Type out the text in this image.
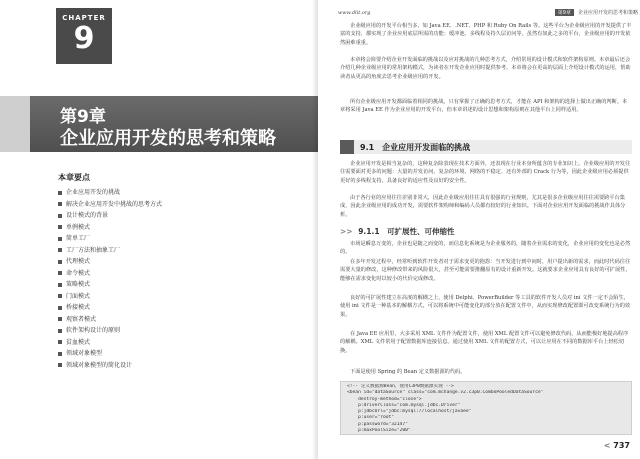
CHAPTER
9
第9章
企业应用开发的思考和策略
本章要点
企业应用开发的挑战
解决企业应用开发中挑战的思考方式
设计模式的背景
单例模式
简单工厂
工厂方法和抽象工厂
代理模式
命令模式
策略模式
门面模式
桥接模式
观察者模式
软件架构设计的原则
贫血模式
领域对象模型
领域对象模型的简化设计
www.dlit.org	第9章 企业应用开发的思考和策略

企业级应用的开发平台相当多，如 Java EE、.NET、PHP 和 Ruby On Rails 等。这些平台为企业级应用的开发提供了丰富的支持，都实现了企业应用底层所需的功能：缓冲池、多线程及持久层访问等，虽然有如此之多的平台，企业级应用的开发依然困难重重。

本章将会简要介绍企业开发面临的挑战以及应对挑战的几种思考方式，介绍常用的设计模式和软件架构原则。本章最后还会介绍几种企业级应用的常用架构模式，为读者在开发企业应用时提供参考。本章将会在更高的层面上介绍设计模式的运用，帮助读者从更高的角度去思考企业级应用的开发。

所有企业级应用开发都面临着相同的挑战，只有掌握了正确的思考方式，才能在 API 和架构的选择上做出正确的判断。本章将采用 Java EE 作为企业应用的开发平台，但本章讲述的设计思想和架构原则在其他平台上同样适用。

9.1　 企业应用开发面临的挑战

企业应用开发是相当复杂的，这种复杂除表现在技术方面外，还表现在行业本身所蕴含的专业知识上。企业级应用的开发往往需要面对更多的问题：大量的并发访问、复杂的环境、网络的不稳定、还有外部的 Crack 行为等，因此企业级应用必须提供更好的多线程支持，具备良好的适应性及良好的安全性。

由于各行业的应用往往差别非常大，因此企业级应用往往具有很强的行业规则，尤其是很多企业级应用往往需要跨平台集成，因此企业级应用的成功开发，需要软件架构师和编码人员都有较好的行业知识。下面对企业应用开发面临的挑战作具体分析。

>> 9.1.1　 可扩展性、可伸缩性

市场是瞬息万变的，企业也是随之而变的，而信息化系统是为企业服务的，随着企业需求的变化，企业应用的变化也是必然的。

在多年开发过程中，经常听到软件开发者对于需求变更的抱怨：当开发进行到中间时，用户提出新的需求，而此时代码往往需要大量的修改，这种修改带来的风险很大，甚至可能需要推翻原有的设计重新开发。这就要求企业应用具有良好的可扩展性，能够在需求变化时以较小的代价完成修改。

良好的可扩展性建立在高度的解耦之上，使用 Delphi、PowerBuilder 等工具的软件开发人员对 ini 文件一定不会陌生，使用 ini 文件是一种基本的解耦方式，可以将系统中可能变化的部分放在配置文件中，从而实现修改配置即可改变系统行为的效果。

在 Java EE 应用里，大多采用 XML 文件作为配置文件，使用 XML 配置文件可以避免修改代码，从而能极好地提高程序的解耦。XML 文件常用于配置数据库连接信息。通过使用 XML 文件的配置方式，可以让应用在不同的数据库平台上轻松切换。

下面是使用 Spring 的 Bean 定义数据源的代码。

<!-- 定义数据源Bean，使用C3P0数据源实现 -->
<bean id="dataSource" class="com.mchange.v2.c3p0.ComboPooledDataSource"
destroy-method="close">
p:driverClass="com.mysql.jdbc.Driver"
p:jdbcUrl="jdbc:mysql://localhost/javaee"
p:user="root"
p:password="32147"
p:maxPoolSize="200"
< 737
